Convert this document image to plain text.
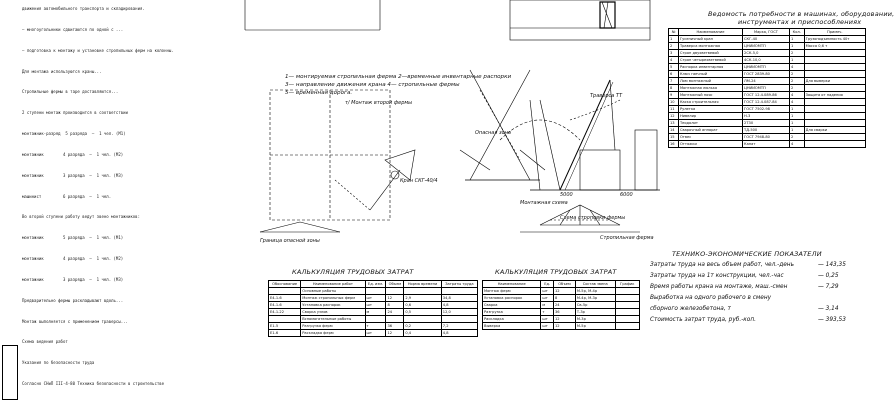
движения автомобильного транспорта и складирования.
— многоугольники сдвигаются по одной с ...
— подготовка к монтажу и установке стропильных ферм на колонны.
Для монтажа используются краны...
Стропильные фермы в таре доставляются...
2 ступени монтаж производится в соответствии
монтажник-разряд  5 разряда  —  1 чел. (М1)
монтажник        4 разряда  —  1 чел. (М2)
монтажник        3 разряда  —  1 чел. (М3)
машинист         6 разряда  —  1 чел.
Во второй ступени работу ведут звено монтажников:
монтажник        5 разряда  —  1 чел. (М1)
монтажник        4 разряда  —  1 чел. (М2)
монтажник        3 разряда  —  1 чел. (М3)
Предварительно фермы раскладывают вдоль...
Монтаж выполняется с применением траверсы...
Схема ведения работ
Указания по безопасности труда
Согласно СНиП III-4-80 Техника безопасности в строительстве
1— монтируемая стропильная ферма 2—временные инвентарные распорки
3— направление движения крана 4— стропильные фермы
5— временная дорога.
т/ Монтаж второй фермы
Кран СКГ-40/4
Опасная зона
Граница опасной зоны
Траверса ТТ
Монтажная схема
Схема строповки фермы
Стропильная ферма
5000	6000
Ведомость потребности в машинах, оборудовании,
инструментах и приспособлениях
№	Наименование	Марка, ГОСТ	Кол.	Примеч.
1	Гусеничный кран	СКГ-40	1	Грузоподъемность 40т
2	Траверса монтажная	ЦНИИОМТП	1	Масса 0,6 т
3	Строп двухветвевой	2СК-5,0	2	
4	Строп четырехветвевой	4СК-10,0	1	
5	Распорка инвентарная	ЦНИИОМТП	4	
6	Ключ гаечный	ГОСТ 2839-80	2	
7	Лом монтажный	ЛМ-24	2	Для выверки
8	Монтажная люлька	ЦНИИОМТП	2	
9	Монтажный пояс	ГОСТ 12.4.089-86	4	Защита от падения
10	Каска строительная	ГОСТ 12.4.087-84	4	
11	Рулетка	ГОСТ 7502-98	1	
12	Нивелир	Н-3	1	
13	Теодолит	2Т30	1	
14	Сварочный аппарат	ТД-500	1	Для сварки
15	Отвес	ГОСТ 7948-80	2	
16	Оттяжки	Канат	4	
КАЛЬКУЛЯЦИЯ ТРУДОВЫХ ЗАТРАТ
Обоснование	Наименование работ	Ед. изм.	Объем	Норма времени	Затраты труда
	Основные работы				
Е4-1-6	Монтаж стропильных ферм	шт	12	2,9	34,8
Е4-1-6	Установка распорок	шт	8	0,6	4,8
Е4-1-22	Сварка узлов	м	24	0,5	12,0
	Вспомогательные работы				
Е1-5	Разгрузка ферм	т	36	0,2	7,2
Е1-6	Раскладка ферм	шт	12	0,4	4,8
КАЛЬКУЛЯЦИЯ ТРУДОВЫХ ЗАТРАТ
Наименование	Ед.	Объем	Состав звена	График
Монтаж ферм	шт	12	М-5р, М-4р	
Установка распорок	шт	8	М-4р, М-3р	
Сварка	м	24	Св-5р	
Разгрузка	т	36	Т-3р	
Раскладка	шт	12	М-3р	
Выверка	шт	12	М-5р	
ТЕХНИКО-ЭКОНОМИЧЕСКИЕ ПОКАЗАТЕЛИ
Затраты труда на весь объем работ, чел.-день	— 143,35
Затраты труда на 1т конструкции, чел.-час	— 0,25
Время работы крана на монтаже, маш.-смен	— 7,29
Выработка на одного рабочего в смену
сборного железобетона, т	— 3,14
Стоимость затрат труда, руб.-коп.	— 393,53
